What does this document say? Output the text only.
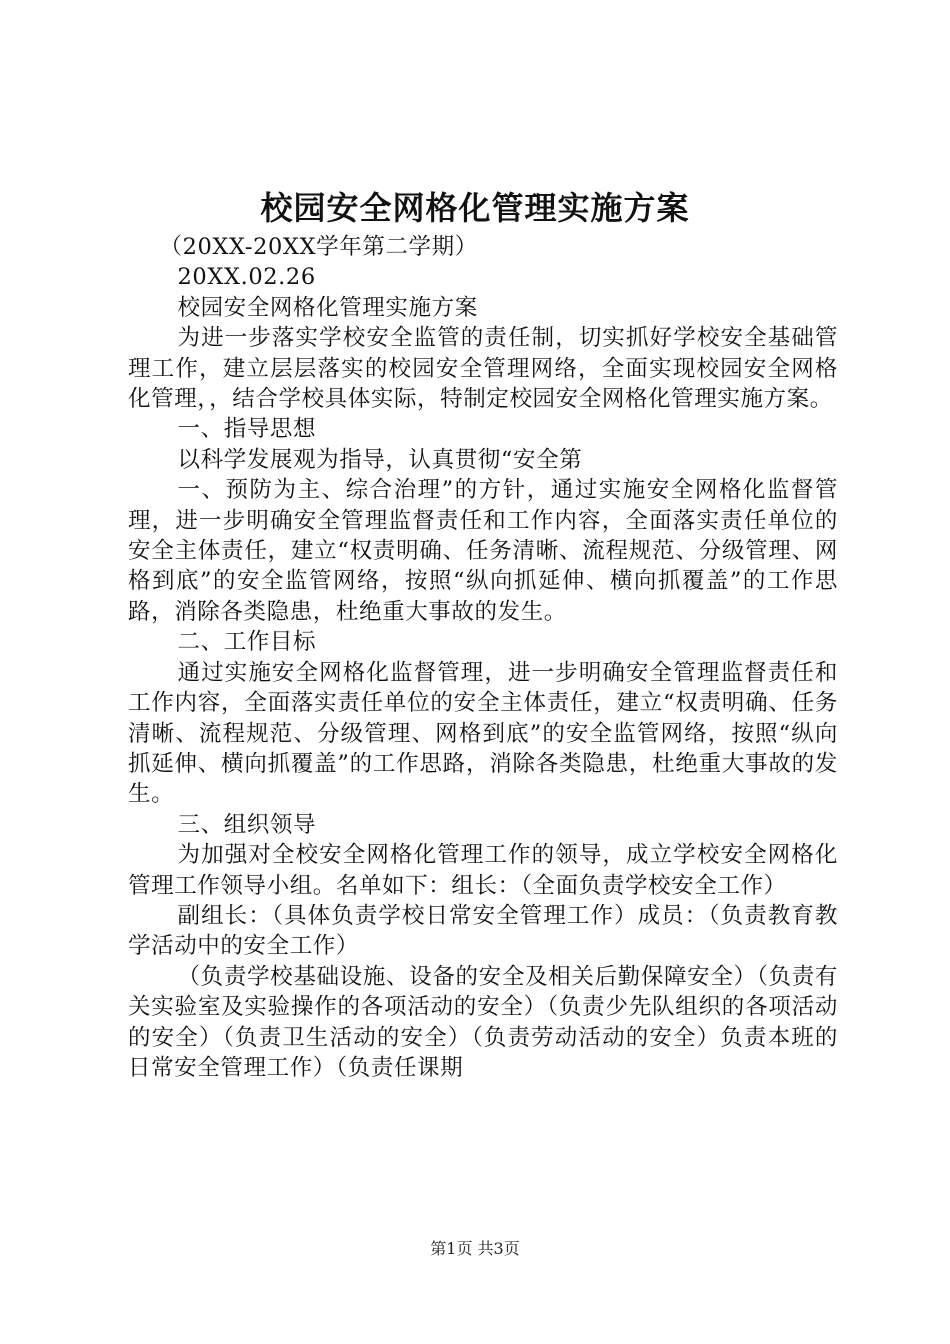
校园安全网格化管理实施方案

（20XX-20XX学年第二学期）

20XX.02.26

校园安全网格化管理实施方案

为进一步落实学校安全监管的责任制，切实抓好学校安全基础管理工作，建立层层落实的校园安全管理网络，全面实现校园安全网格化管理，，结合学校具体实际，特制定校园安全网格化管理实施方案。

一、指导思想

以科学发展观为指导，认真贯彻“安全第

一、预防为主、综合治理”的方针，通过实施安全网格化监督管理，进一步明确安全管理监督责任和工作内容，全面落实责任单位的安全主体责任，建立“权责明确、任务清晰、流程规范、分级管理、网格到底”的安全监管网络，按照“纵向抓延伸、横向抓覆盖”的工作思路，消除各类隐患，杜绝重大事故的发生。

二、工作目标

通过实施安全网格化监督管理，进一步明确安全管理监督责任和工作内容，全面落实责任单位的安全主体责任，建立“权责明确、任务清晰、流程规范、分级管理、网格到底”的安全监管网络，按照“纵向抓延伸、横向抓覆盖”的工作思路，消除各类隐患，杜绝重大事故的发生。

三、组织领导

为加强对全校安全网格化管理工作的领导，成立学校安全网格化管理工作领导小组。名单如下：组长：（全面负责学校安全工作）

副组长：（具体负责学校日常安全管理工作）成员：（负责教育教学活动中的安全工作）

（负责学校基础设施、设备的安全及相关后勤保障安全）（负责有关实验室及实验操作的各项活动的安全）（负责少先队组织的各项活动的安全）（负责卫生活动的安全）（负责劳动活动的安全）负责本班的日常安全管理工作）（负责任课期

第1页 共3页
